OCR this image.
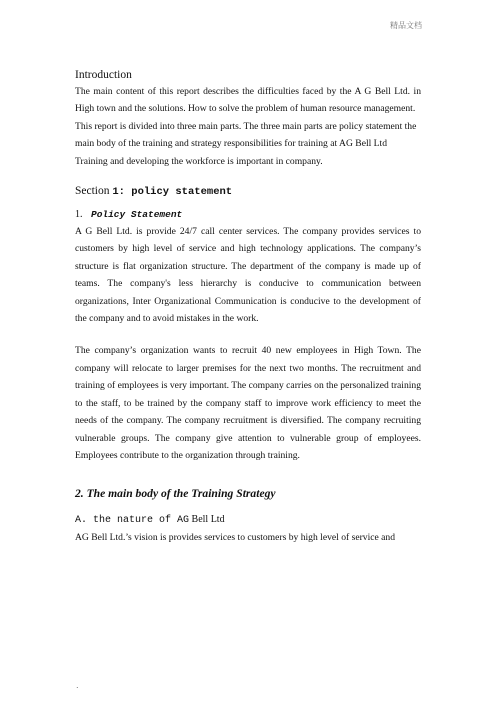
精品文档
Introduction

The main content of this report describes the difficulties faced by the A G Bell Ltd. in High town and the solutions. How to solve the problem of human resource management.

This report is divided into three main parts. The three main parts are policy statement the main body of the training and strategy responsibilities for training at AG Bell Ltd Training and developing the workforce is important in company.

Section 1: policy statement
1. Policy Statement

A G Bell Ltd. is provide 24/7 call center services. The company provides services to customers by high level of service and high technology applications. The company’s structure is flat organization structure. The department of the company is made up of teams. The company's less hierarchy is conducive to communication between organizations, Inter Organizational Communication is conducive to the development of the company and to avoid mistakes in the work.

The company’s organization wants to recruit 40 new employees in High Town. The company will relocate to larger premises for the next two months. The recruitment and training of employees is very important. The company carries on the personalized training to the staff, to be trained by the company staff to improve work efficiency to meet the needs of the company. The company recruitment is diversified. The company recruiting vulnerable groups. The company give attention to vulnerable group of employees. Employees contribute to the organization through training.

2. The main body of the Training Strategy
A. the nature of AG Bell Ltd

AG Bell Ltd.’s vision is provides services to customers by high level of service and

.
